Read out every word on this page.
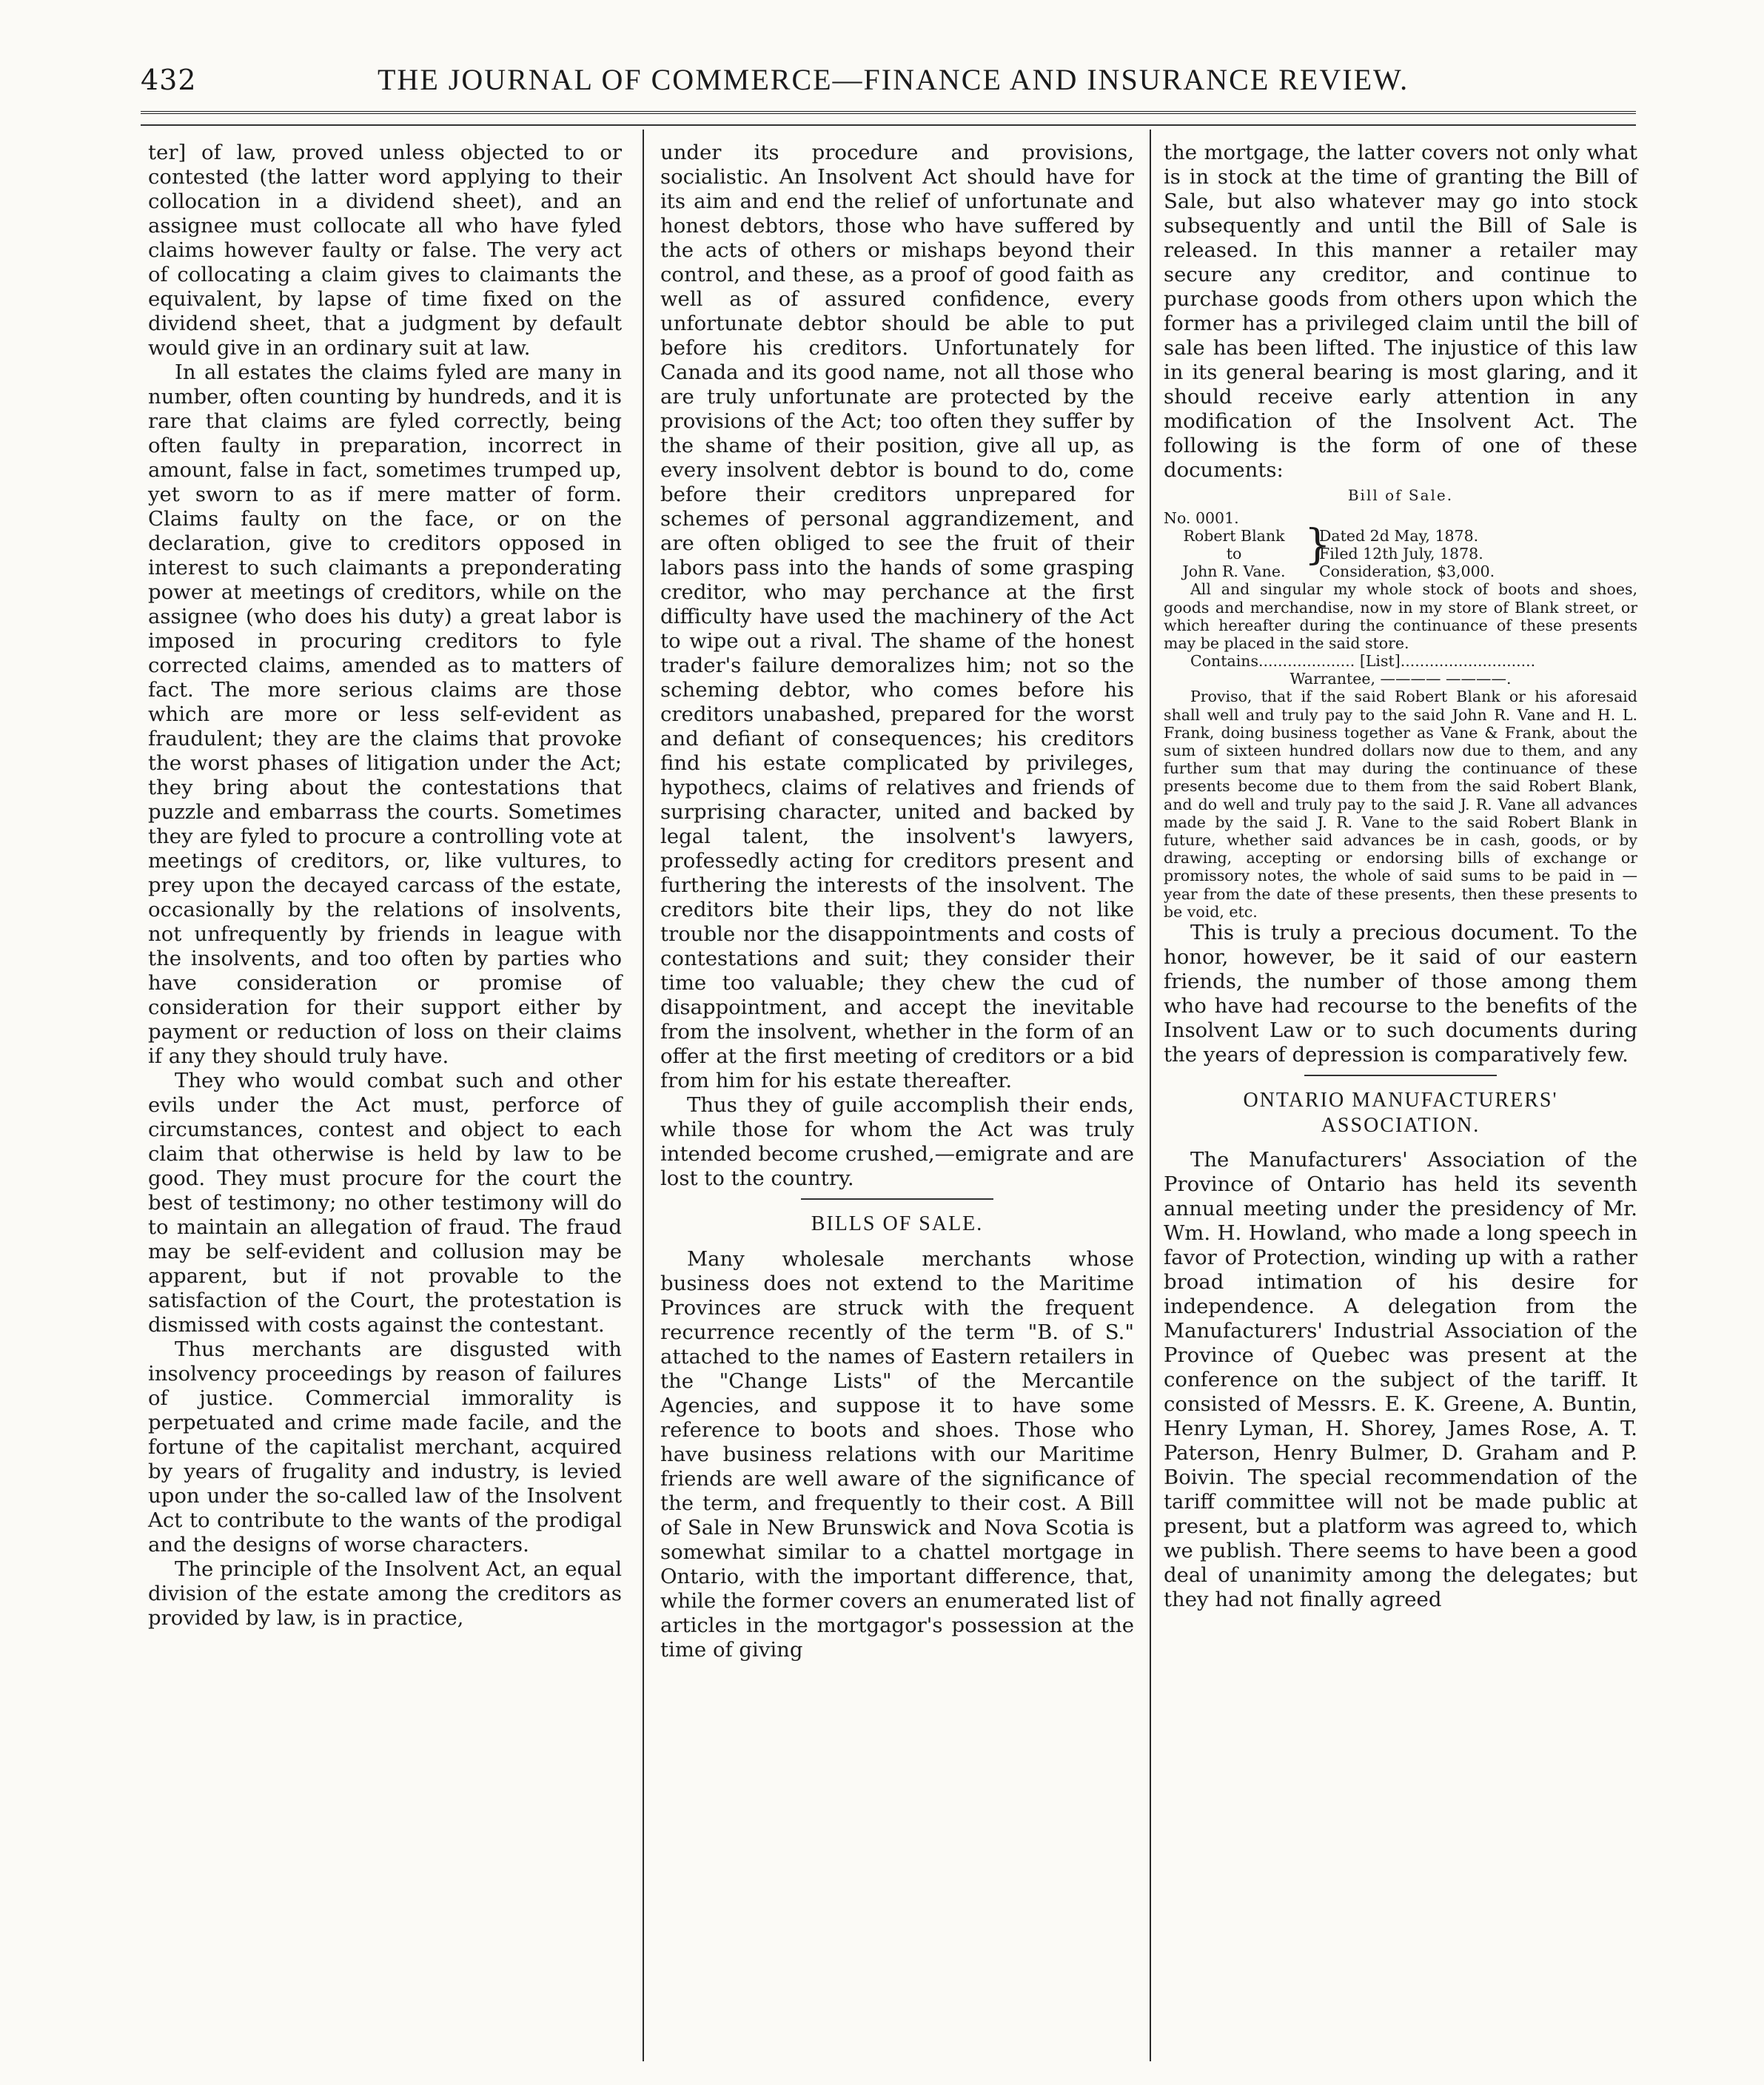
432	THE JOURNAL OF COMMERCE—FINANCE AND INSURANCE REVIEW.

ter] of law, proved unless objected to or contested (the latter word applying to their collocation in a dividend sheet), and an assignee must collocate all who have fyled claims however faulty or false. The very act of collocating a claim gives to claimants the equivalent, by lapse of time fixed on the dividend sheet, that a judgment by default would give in an ordinary suit at law.

In all estates the claims fyled are many in number, often counting by hundreds, and it is rare that claims are fyled correctly, being often faulty in preparation, incorrect in amount, false in fact, sometimes trumped up, yet sworn to as if mere matter of form. Claims faulty on the face, or on the declaration, give to creditors opposed in interest to such claimants a preponderating power at meetings of creditors, while on the assignee (who does his duty) a great labor is imposed in procuring creditors to fyle corrected claims, amended as to matters of fact. The more serious claims are those which are more or less self-evident as fraudulent; they are the claims that provoke the worst phases of litigation under the Act; they bring about the contestations that puzzle and embarrass the courts. Sometimes they are fyled to procure a controlling vote at meetings of creditors, or, like vultures, to prey upon the decayed carcass of the estate, occasionally by the relations of insolvents, not unfrequently by friends in league with the insolvents, and too often by parties who have consideration or promise of consideration for their support either by payment or reduction of loss on their claims if any they should truly have.

They who would combat such and other evils under the Act must, perforce of circumstances, contest and object to each claim that otherwise is held by law to be good. They must procure for the court the best of testimony; no other testimony will do to maintain an allegation of fraud. The fraud may be self-evident and collusion may be apparent, but if not provable to the satisfaction of the Court, the protestation is dismissed with costs against the contestant.

Thus merchants are disgusted with insolvency proceedings by reason of failures of justice. Commercial immorality is perpetuated and crime made facile, and the fortune of the capitalist merchant, acquired by years of frugality and industry, is levied upon under the so-called law of the Insolvent Act to contribute to the wants of the prodigal and the designs of worse characters.

The principle of the Insolvent Act, an equal division of the estate among the creditors as provided by law, is in practice,

under its procedure and provisions, socialistic. An Insolvent Act should have for its aim and end the relief of unfortunate and honest debtors, those who have suffered by the acts of others or mishaps beyond their control, and these, as a proof of good faith as well as of assured confidence, every unfortunate debtor should be able to put before his creditors. Unfortunately for Canada and its good name, not all those who are truly unfortunate are protected by the provisions of the Act; too often they suffer by the shame of their position, give all up, as every insolvent debtor is bound to do, come before their creditors unprepared for schemes of personal aggrandizement, and are often obliged to see the fruit of their labors pass into the hands of some grasping creditor, who may perchance at the first difficulty have used the machinery of the Act to wipe out a rival. The shame of the honest trader's failure demoralizes him; not so the scheming debtor, who comes before his creditors unabashed, prepared for the worst and defiant of consequences; his creditors find his estate complicated by privileges, hypothecs, claims of relatives and friends of surprising character, united and backed by legal talent, the insolvent's lawyers, professedly acting for creditors present and furthering the interests of the insolvent. The creditors bite their lips, they do not like trouble nor the disappointments and costs of contestations and suit; they consider their time too valuable; they chew the cud of disappointment, and accept the inevitable from the insolvent, whether in the form of an offer at the first meeting of creditors or a bid from him for his estate thereafter.

Thus they of guile accomplish their ends, while those for whom the Act was truly intended become crushed,—emigrate and are lost to the country.

BILLS OF SALE.

Many wholesale merchants whose business does not extend to the Maritime Provinces are struck with the frequent recurrence recently of the term "B. of S." attached to the names of Eastern retailers in the "Change Lists" of the Mercantile Agencies, and suppose it to have some reference to boots and shoes. Those who have business relations with our Maritime friends are well aware of the significance of the term, and frequently to their cost. A Bill of Sale in New Brunswick and Nova Scotia is somewhat similar to a chattel mortgage in Ontario, with the important difference, that, while the former covers an enumerated list of articles in the mortgagor's possession at the time of giving

the mortgage, the latter covers not only what is in stock at the time of granting the Bill of Sale, but also whatever may go into stock subsequently and until the Bill of Sale is released. In this manner a retailer may secure any creditor, and continue to purchase goods from others upon which the former has a privileged claim until the bill of sale has been lifted. The injustice of this law in its general bearing is most glaring, and it should receive early attention in any modification of the Insolvent Act. The following is the form of one of these documents:

Bill of Sale.
No. 0001.
Robert Blank
to
John R. Vane.
}
Dated 2d May, 1878.
Filed 12th July, 1878.
Consideration, $3,000.

All and singular my whole stock of boots and shoes, goods and merchandise, now in my store of Blank street, or which hereafter during the continuance of these presents may be placed in the said store.

Contains.................... [List]............................

Warrantee, ———— ————.

Proviso, that if the said Robert Blank or his aforesaid shall well and truly pay to the said John R. Vane and H. L. Frank, doing business together as Vane & Frank, about the sum of sixteen hundred dollars now due to them, and any further sum that may during the continuance of these presents become due to them from the said Robert Blank, and do well and truly pay to the said J. R. Vane all advances made by the said J. R. Vane to the said Robert Blank in future, whether said advances be in cash, goods, or by drawing, accepting or endorsing bills of exchange or promissory notes, the whole of said sums to be paid in — year from the date of these presents, then these presents to be void, etc.

This is truly a precious document. To the honor, however, be it said of our eastern friends, the number of those among them who have had recourse to the benefits of the Insolvent Law or to such documents during the years of depression is comparatively few.

ONTARIO MANUFACTURERS' ASSOCIATION.

The Manufacturers' Association of the Province of Ontario has held its seventh annual meeting under the presidency of Mr. Wm. H. Howland, who made a long speech in favor of Protection, winding up with a rather broad intimation of his desire for independence. A delegation from the Manufacturers' Industrial Association of the Province of Quebec was present at the conference on the subject of the tariff. It consisted of Messrs. E. K. Greene, A. Buntin, Henry Lyman, H. Shorey, James Rose, A. T. Paterson, Henry Bulmer, D. Graham and P. Boivin. The special recommendation of the tariff committee will not be made public at present, but a platform was agreed to, which we publish. There seems to have been a good deal of unanimity among the delegates; but they had not finally agreed
